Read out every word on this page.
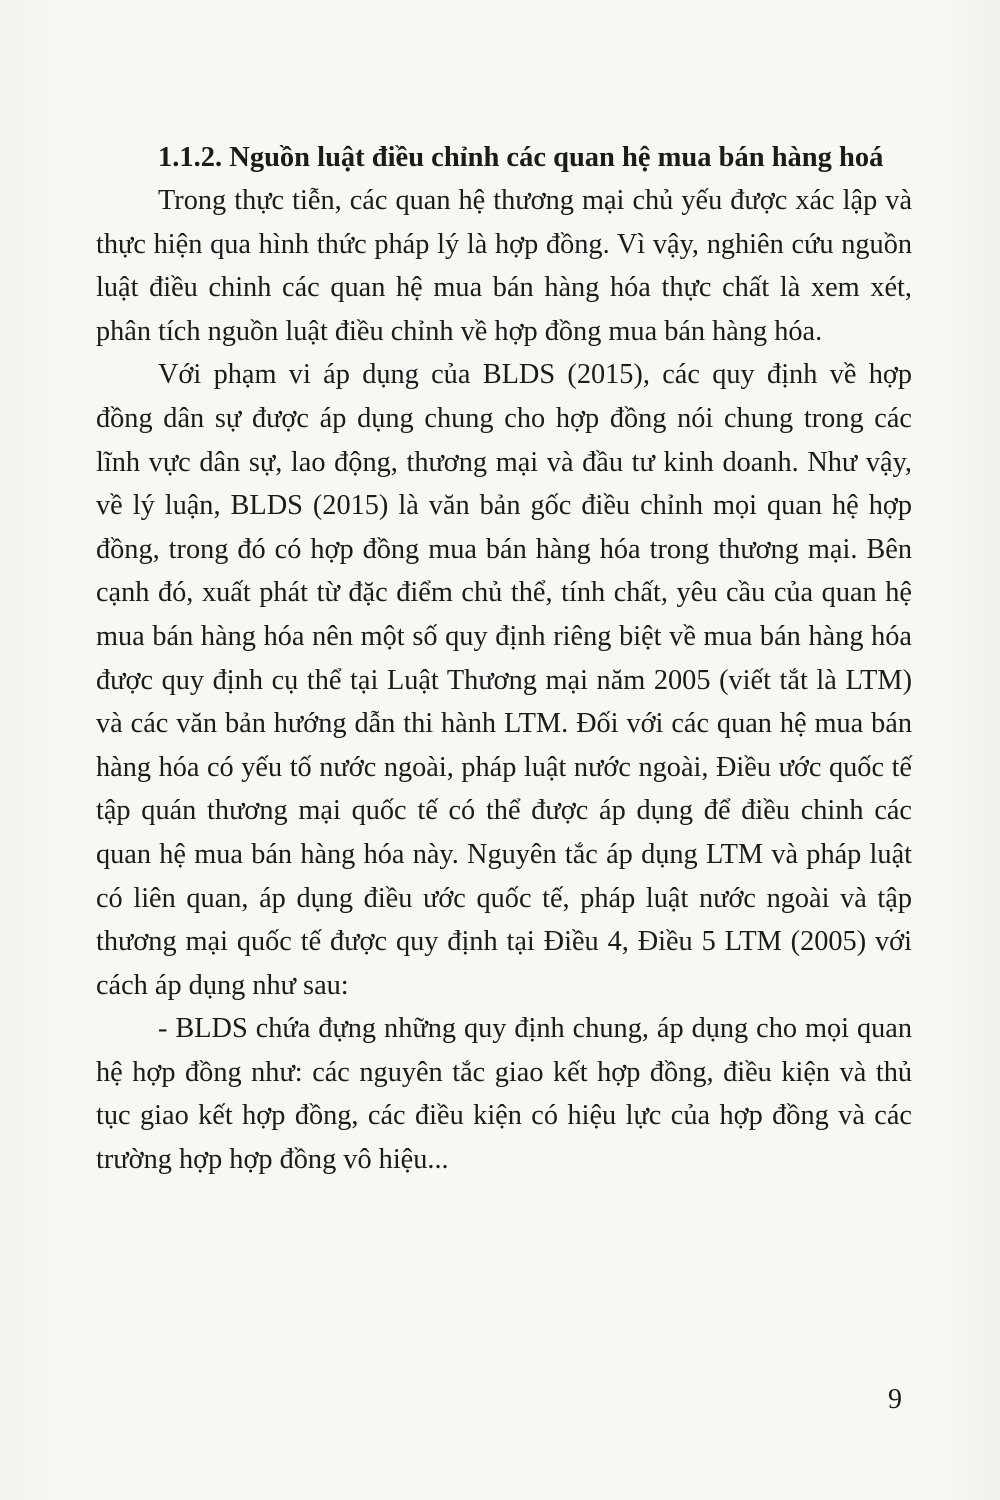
1.1.2. Nguồn luật điều chỉnh các quan hệ mua bán hàng hoá

Trong thực tiễn, các quan hệ thương mại chủ yếu được xác lập và thực hiện qua hình thức pháp lý là hợp đồng. Vì vậy, nghiên cứu nguồn luật điều chinh các quan hệ mua bán hàng hóa thực chất là xem xét, phân tích nguồn luật điều chỉnh về hợp đồng mua bán hàng hóa.

Với phạm vi áp dụng của BLDS (2015), các quy định về hợp đồng dân sự được áp dụng chung cho hợp đồng nói chung trong các lĩnh vực dân sự, lao động, thương mại và đầu tư kinh doanh. Như vậy, về lý luận, BLDS (2015) là văn bản gốc điều chỉnh mọi quan hệ hợp đồng, trong đó có hợp đồng mua bán hàng hóa trong thương mại. Bên cạnh đó, xuất phát từ đặc điểm chủ thể, tính chất, yêu cầu của quan hệ mua bán hàng hóa nên một số quy định riêng biệt về mua bán hàng hóa được quy định cụ thể tại Luật Thương mại năm 2005 (viết tắt là LTM) và các văn bản hướng dẫn thi hành LTM. Đối với các quan hệ mua bán hàng hóa có yếu tố nước ngoài, pháp luật nước ngoài, Điều ước quốc tế tập quán thương mại quốc tế có thể được áp dụng để điều chinh các quan hệ mua bán hàng hóa này. Nguyên tắc áp dụng LTM và pháp luật có liên quan, áp dụng điều ước quốc tế, pháp luật nước ngoài và tập thương mại quốc tế được quy định tại Điều 4, Điều 5 LTM (2005) với cách áp dụng như sau:

- BLDS chứa đựng những quy định chung, áp dụng cho mọi quan hệ hợp đồng như: các nguyên tắc giao kết hợp đồng, điều kiện và thủ tục giao kết hợp đồng, các điều kiện có hiệu lực của hợp đồng và các trường hợp hợp đồng vô hiệu...

9
